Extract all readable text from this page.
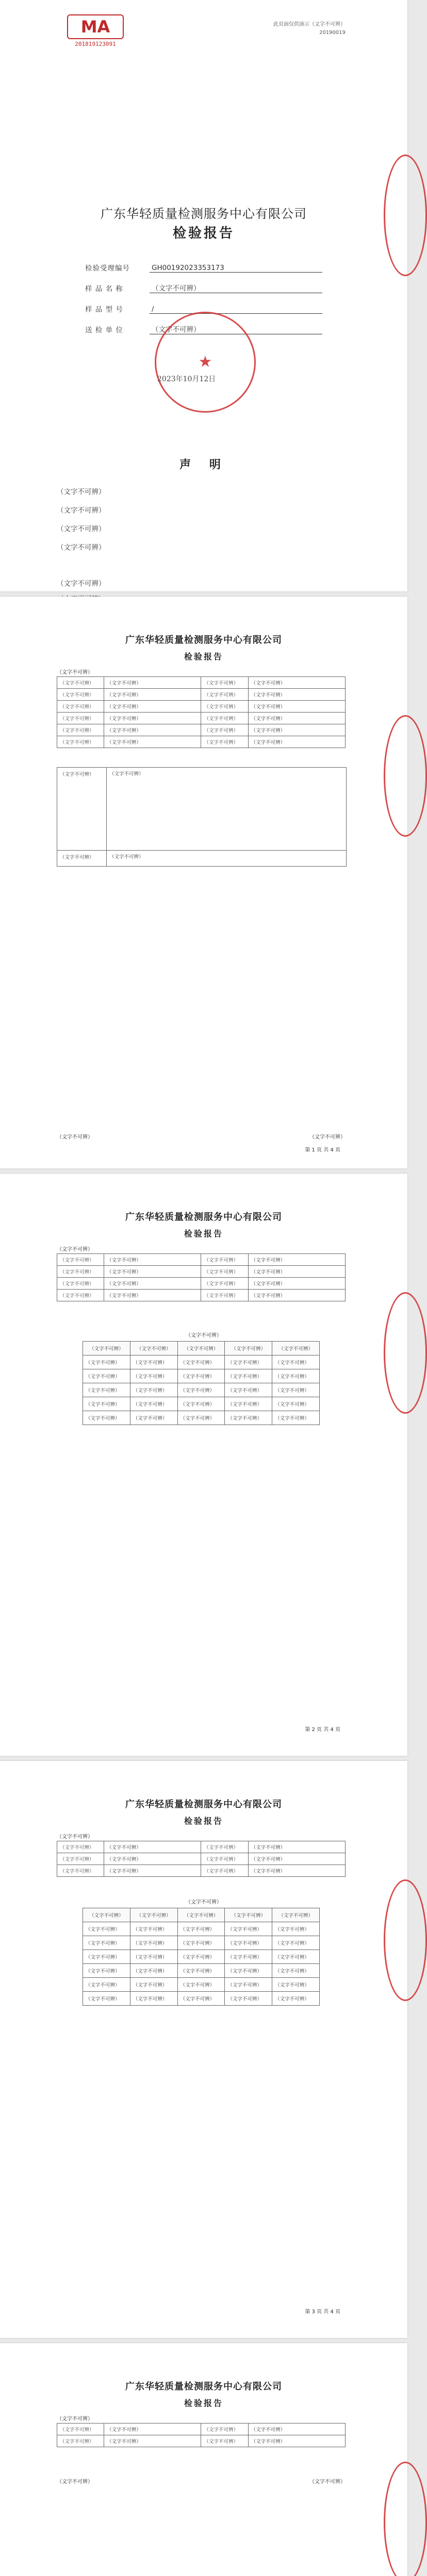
MA
201819123091
此页面仅供演示（文字不可辨）
20190019
广东华轻质量检测服务中心有限公司
检验报告
检验受理编号	GH00192023353173
样 品 名 称	（文字不可辨）
样 品 型 号	/
送 检 单 位	（文字不可辨）
★
2023年10月12日
声 明

（文字不可辨）

（文字不可辨）

（文字不可辨）

（文字不可辨）

（文字不可辨）

广东华轻质量检测服务中心有限公司
检验报告
（文字不可辨）
（文字不可辨）	（文字不可辨）	（文字不可辨）	（文字不可辨）
（文字不可辨）	（文字不可辨）	（文字不可辨）	（文字不可辨）
（文字不可辨）	（文字不可辨）	（文字不可辨）	（文字不可辨）
（文字不可辨）	（文字不可辨）	（文字不可辨）	（文字不可辨）
（文字不可辨）	（文字不可辨）	（文字不可辨）	（文字不可辨）
（文字不可辨）	（文字不可辨）	（文字不可辨）	（文字不可辨）
（文字不可辨）	（文字不可辨）
（文字不可辨）	（文字不可辨）
（文字不可辨）	（文字不可辨）
第 1 页 共 4 页
广东华轻质量检测服务中心有限公司
检验报告
（文字不可辨）
（文字不可辨）	（文字不可辨）	（文字不可辨）	（文字不可辨）
（文字不可辨）	（文字不可辨）	（文字不可辨）	（文字不可辨）
（文字不可辨）	（文字不可辨）	（文字不可辨）	（文字不可辨）
（文字不可辨）	（文字不可辨）	（文字不可辨）	（文字不可辨）
（文字不可辨）
（文字不可辨）	（文字不可辨）	（文字不可辨）	（文字不可辨）	（文字不可辨）
（文字不可辨）	（文字不可辨）	（文字不可辨）	（文字不可辨）	（文字不可辨）
（文字不可辨）	（文字不可辨）	（文字不可辨）	（文字不可辨）	（文字不可辨）
（文字不可辨）	（文字不可辨）	（文字不可辨）	（文字不可辨）	（文字不可辨）
（文字不可辨）	（文字不可辨）	（文字不可辨）	（文字不可辨）	（文字不可辨）
（文字不可辨）	（文字不可辨）	（文字不可辨）	（文字不可辨）	（文字不可辨）
第 2 页 共 4 页
广东华轻质量检测服务中心有限公司
检验报告
（文字不可辨）
（文字不可辨）	（文字不可辨）	（文字不可辨）	（文字不可辨）
（文字不可辨）	（文字不可辨）	（文字不可辨）	（文字不可辨）
（文字不可辨）	（文字不可辨）	（文字不可辨）	（文字不可辨）
（文字不可辨）
（文字不可辨）	（文字不可辨）	（文字不可辨）	（文字不可辨）	（文字不可辨）
（文字不可辨）	（文字不可辨）	（文字不可辨）	（文字不可辨）	（文字不可辨）
（文字不可辨）	（文字不可辨）	（文字不可辨）	（文字不可辨）	（文字不可辨）
（文字不可辨）	（文字不可辨）	（文字不可辨）	（文字不可辨）	（文字不可辨）
（文字不可辨）	（文字不可辨）	（文字不可辨）	（文字不可辨）	（文字不可辨）
（文字不可辨）	（文字不可辨）	（文字不可辨）	（文字不可辨）	（文字不可辨）
（文字不可辨）	（文字不可辨）	（文字不可辨）	（文字不可辨）	（文字不可辨）
第 3 页 共 4 页
广东华轻质量检测服务中心有限公司
检验报告
（文字不可辨）
（文字不可辨）	（文字不可辨）	（文字不可辨）	（文字不可辨）
（文字不可辨）	（文字不可辨）	（文字不可辨）	（文字不可辨）
（文字不可辨）	（文字不可辨）
